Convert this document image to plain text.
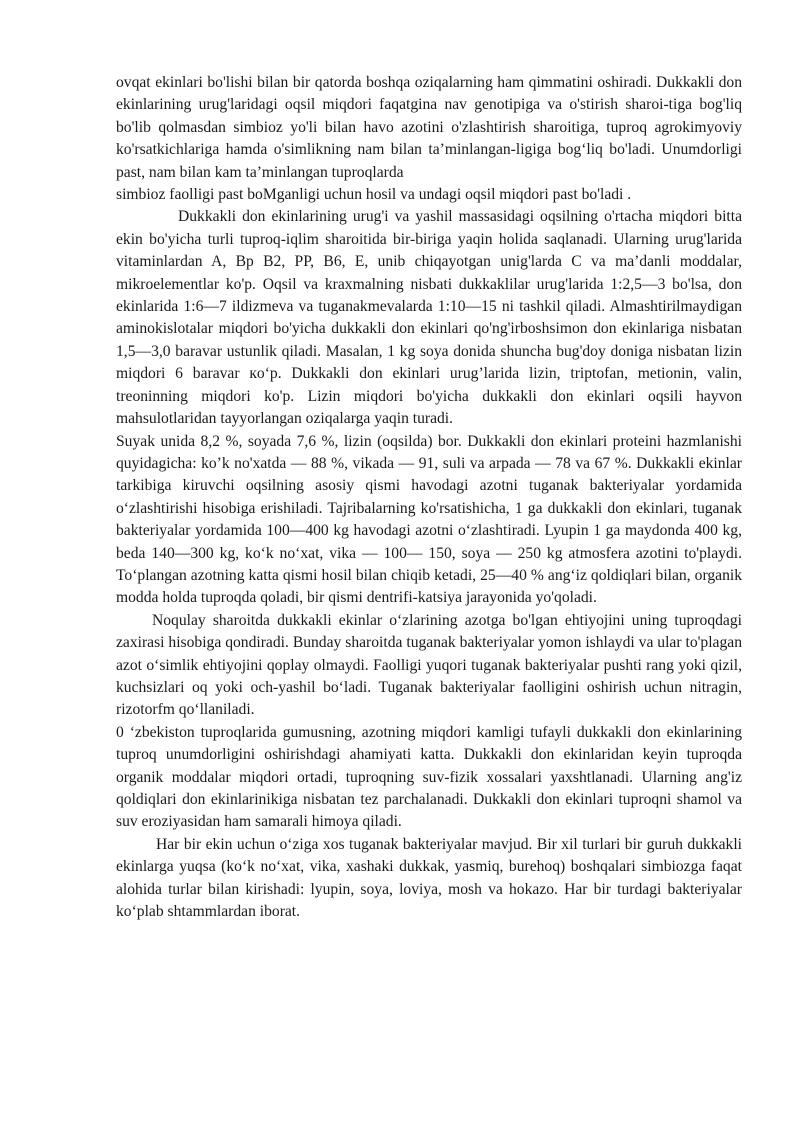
ovqat ekinlari bo'lishi bilan bir qatorda boshqa oziqalarning ham qimmatini oshiradi. Dukkakli don ekinlarining urug'laridagi oqsil miqdori faqatgina nav genotipiga va o'stirish sharoi-tiga bog'liq bo'lib qolmasdan simbioz yo'li bilan havo azotini o'zlashtirish sharoitiga, tuproq agrokimyoviy ko'rsatkichlariga hamda o'simlikning nam bilan ta’minlangan-ligiga bog‘liq bo'ladi. Unumdorligi past, nam bilan kam ta’minlangan tuproqlarda

simbioz faolligi past boMganligi uchun hosil va undagi oqsil miqdori past bo'ladi .

Dukkakli don ekinlarining urug'i va yashil massasidagi oqsilning o'rtacha miqdori bitta ekin bo'yicha turli tuproq-iqlim sharoitida bir-biriga yaqin holida saqlanadi. Ularning urug'larida vitaminlardan A, Bp B2, PP, B6, E, unib chiqayotgan unig'larda C va ma’danli moddalar, mikroelementlar ko'p. Oqsil va kraxmalning nisbati dukkaklilar urug'larida 1:2,5—3 bo'lsa, don ekinlarida 1:6—7 ildizmeva va tuganakmevalarda 1:10—15 ni tashkil qiladi. Almashtirilmaydigan aminokislotalar miqdori bo'yicha dukkakli don ekinlari qo'ng'irboshsimon don ekinlariga nisbatan 1,5—3,0 baravar ustunlik qiladi. Masalan, 1 kg soya donida shuncha bug'doy doniga nisbatan lizin miqdori 6 baravar кo‘p. Dukkakli don ekinlari urug’larida lizin, triptofan, metionin, valin, treoninning miqdori ko'p. Lizin miqdori bo'yicha dukkakli don ekinlari oqsili hayvon mahsulotlaridan tayyorlangan oziqalarga yaqin turadi.

Suyak unida 8,2 %, soyada 7,6 %, lizin (oqsilda) bor. Dukkakli don ekinlari proteini hazmlanishi quyidagicha: ko’k no'xatda — 88 %, vikada — 91, suli va arpada — 78 va 67 %. Dukkakli ekinlar tarkibiga kiruvchi oqsilning asosiy qismi havodagi azotni tuganak bakteriyalar yordamida o‘zlashtirishi hisobiga erishiladi. Tajribalarning ko'rsatishicha, 1 ga dukkakli don ekinlari, tuganak bakteriyalar yordamida 100—400 kg havodagi azotni o‘zlashtiradi. Lyupin 1 ga maydonda 400 kg, beda 140—300 kg, ko‘k no‘xat, vika — 100— 150, soya — 250 kg atmosfera azotini to'playdi. To‘plangan azotning katta qismi hosil bilan chiqib ketadi, 25—40 % ang‘iz qoldiqlari bilan, organik modda holda tuproqda qoladi, bir qismi dentrifi-katsiya jarayonida yo'qoladi.

Noqulay sharoitda dukkakli ekinlar o‘zlarining azotga bo'lgan ehtiyojini uning tuproqdagi zaxirasi hisobiga qondiradi. Bunday sharoitda tuganak bakteriyalar yomon ishlaydi va ular to'plagan azot o‘simlik ehtiyojini qoplay olmaydi. Faolligi yuqori tuganak bakteriyalar pushti rang yoki qizil, kuchsizlari oq yoki och-yashil bo‘ladi. Tuganak bakteriyalar faolligini oshirish uchun nitragin, rizotorfm qo‘llaniladi.

0 ‘zbekiston tuproqlarida gumusning, azotning miqdori kamligi tufayli dukkakli don ekinlarining tuproq unumdorligini oshirishdagi ahamiyati katta. Dukkakli don ekinlaridan keyin tuproqda organik moddalar miqdori ortadi, tuproqning suv-fizik xossalari yaxshtlanadi. Ularning ang'iz qoldiqlari don ekinlarinikiga nisbatan tez parchalanadi. Dukkakli don ekinlari tuproqni shamol va suv eroziyasidan ham samarali himoya qiladi.

Har bir ekin uchun o‘ziga xos tuganak bakteriyalar mavjud. Bir xil turlari bir guruh dukkakli ekinlarga yuqsa (ko‘k no‘xat, vika, xashaki dukkak, yasmiq, burehoq) boshqalari simbiozga faqat alohida turlar bilan kirishadi: lyupin, soya, loviya, mosh va hokazo. Har bir turdagi bakteriyalar ko‘plab shtammlardan iborat.
